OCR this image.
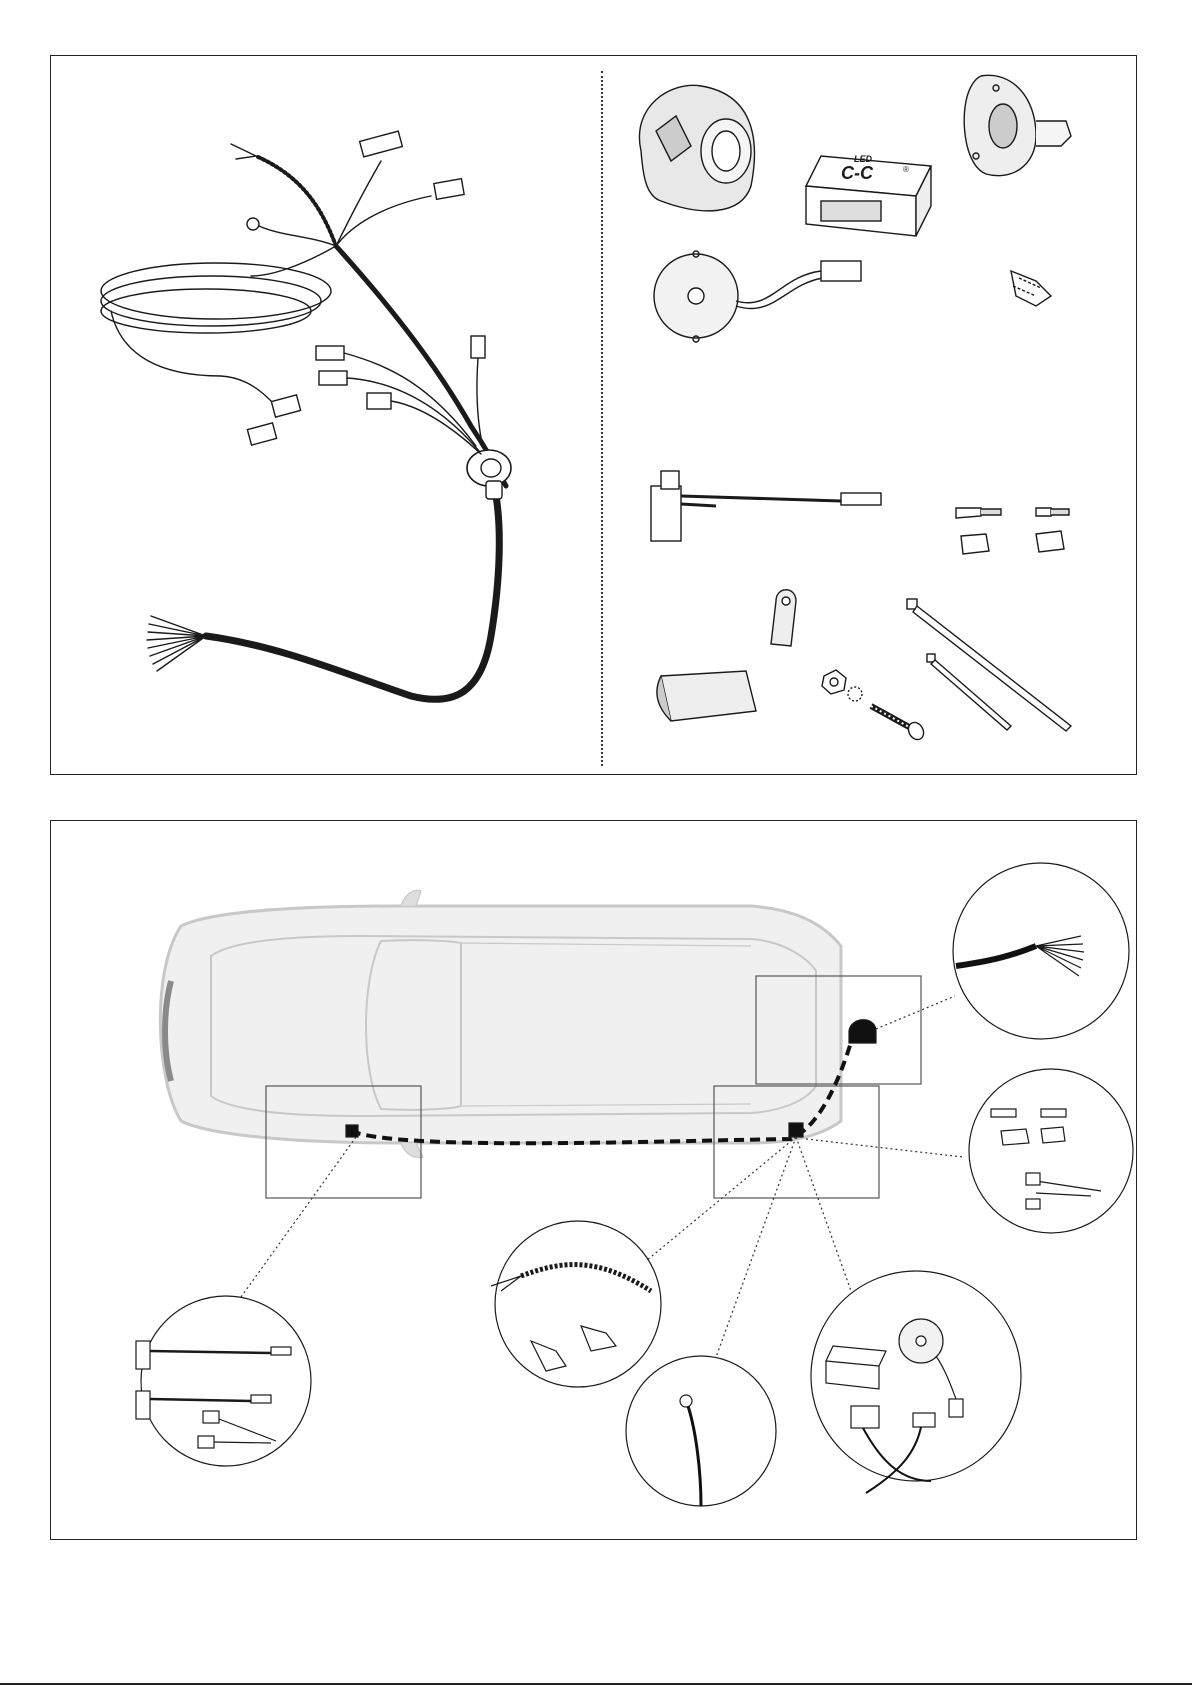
C-C
LED
®
